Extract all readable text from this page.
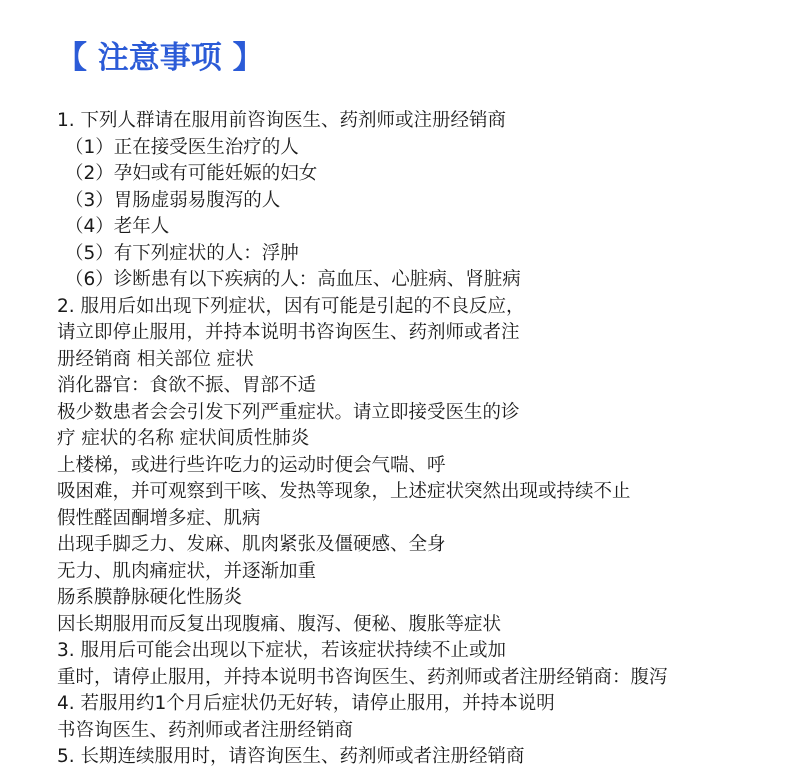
【 注意事项 】
1. 下列人群请在服用前咨询医生、药剂师或注册经销商
（1）正在接受医生治疗的人
（2）孕妇或有可能妊娠的妇女
（3）胃肠虚弱易腹泻的人
（4）老年人
（5）有下列症状的人：浮肿
（6）诊断患有以下疾病的人：高血压、心脏病、肾脏病
2. 服用后如出现下列症状，因有可能是引起的不良反应，
请立即停止服用，并持本说明书咨询医生、药剂师或者注
册经销商 相关部位 症状
消化器官：食欲不振、胃部不适
极少数患者会会引发下列严重症状。请立即接受医生的诊
疗 症状的名称 症状间质性肺炎
上楼梯，或进行些许吃力的运动时便会气喘、呼
吸困难，并可观察到干咳、发热等现象，上述症状突然出现或持续不止
假性醛固酮增多症、肌病
出现手脚乏力、发麻、肌肉紧张及僵硬感、全身
无力、肌肉痛症状，并逐渐加重
肠系膜静脉硬化性肠炎
因长期服用而反复出现腹痛、腹泻、便秘、腹胀等症状
3. 服用后可能会出现以下症状，若该症状持续不止或加
重时，请停止服用，并持本说明书咨询医生、药剂师或者注册经销商：腹泻
4. 若服用约1个月后症状仍无好转，请停止服用，并持本说明
书咨询医生、药剂师或者注册经销商
5. 长期连续服用时，请咨询医生、药剂师或者注册经销商
